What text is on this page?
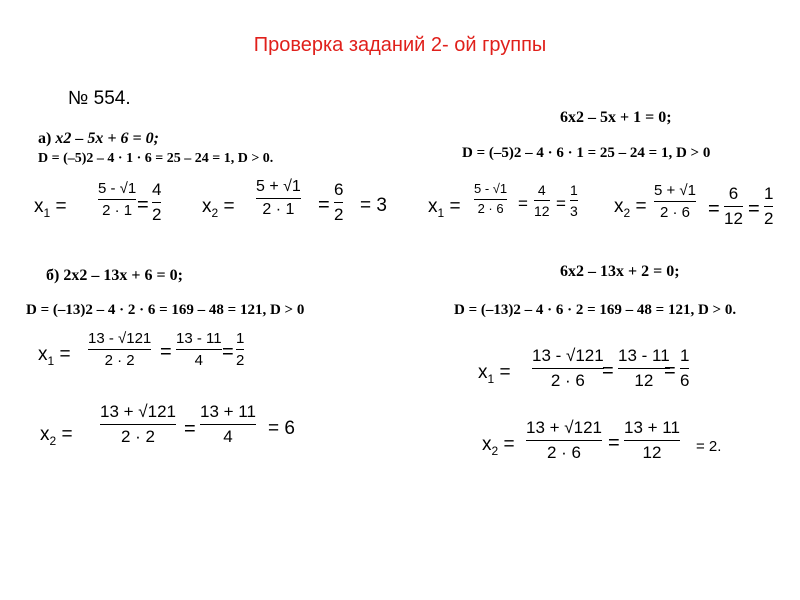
Проверка заданий 2- ой группы
№ 554.
а) x2 – 5x + 6 = 0;
D = (–5)2 – 4 · 1 · 6 = 25 – 24 = 1, D > 0.
$x_1$ =
5 - √1
2 · 1 =
4
2 $x_2$ =
5 + √1
2 · 1 =
6
2 = 3
6x2 – 5x + 1 = 0;
D = (–5)2 – 4 · 6 · 1 = 25 – 24 = 1, D > 0
$x_1$ =
5 - √1
2 · 6 =
4
12 =
1
3 $x_2$ =
5 + √1
2 · 6 =
6
12 =
1
2
б) 2x2 – 13x + 6 = 0;
D = (–13)2 – 4 · 2 · 6 = 169 – 48 = 121, D > 0
$x_1$ =
13 - √121
2 · 2 =
13 - 11
4 =
1
2
$x_2$ =
13 + √121
2 · 2 =
13 + 11
4 = 6
6x2 – 13x + 2 = 0;
D = (–13)2 – 4 · 6 · 2 = 169 – 48 = 121, D > 0.
$x_1$ =
13 - √121
2 · 6 =
13 - 11
12 =
1
6
$x_2$ =
13 + √121
2 · 6 =
13 + 11
12 = 2.
